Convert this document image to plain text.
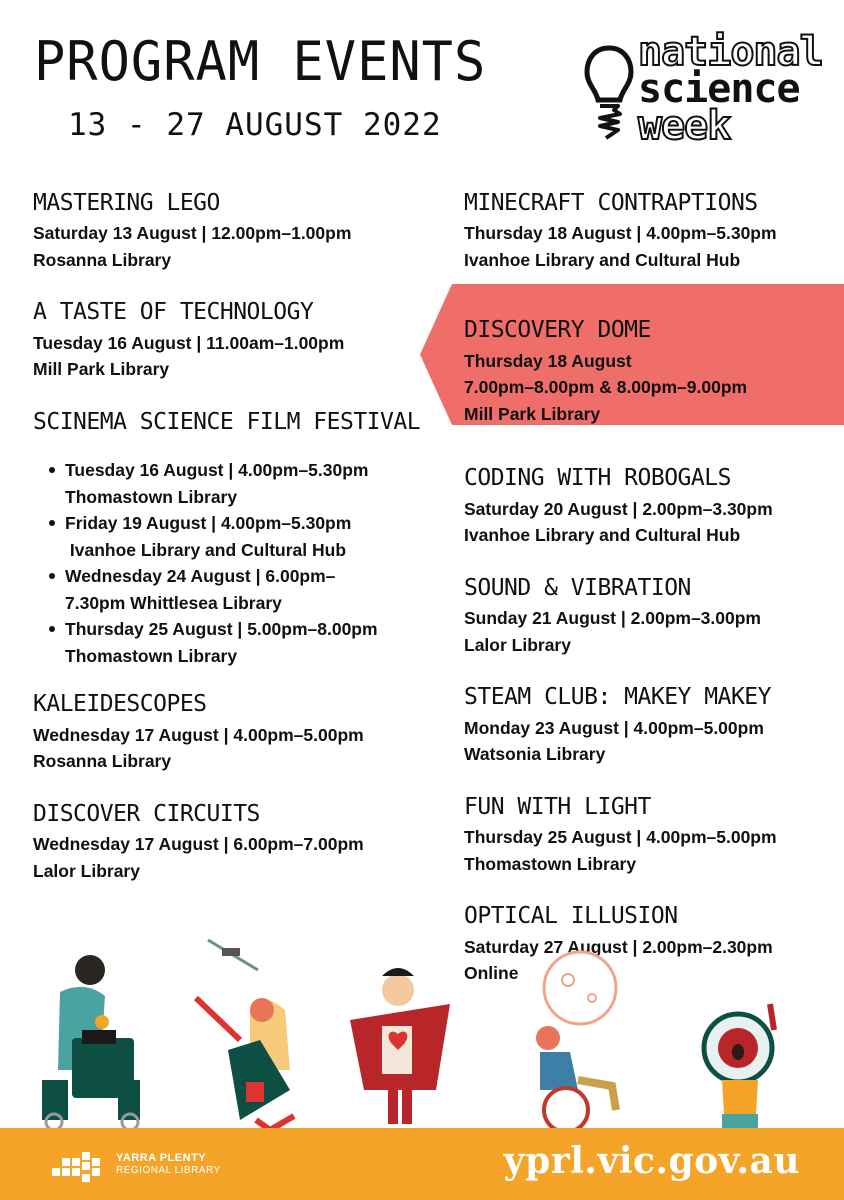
PROGRAM EVENTS
13 - 27 AUGUST 2022
national
science
week
MASTERING LEGO
Saturday 13 August | 12.00pm–1.00pm
Rosanna Library
A TASTE OF TECHNOLOGY
Tuesday 16 August | 11.00am–1.00pm
Mill Park Library
SCINEMA SCIENCE FILM FESTIVAL
Tuesday 16 August | 4.00pm–5.30pm
Thomastown Library
Friday 19 August | 4.00pm–5.30pm
Ivanhoe Library and Cultural Hub
Wednesday 24 August | 6.00pm–
7.30pm Whittlesea Library
Thursday 25 August | 5.00pm–8.00pm
Thomastown Library
KALEIDESCOPES
Wednesday 17 August | 4.00pm–5.00pm
Rosanna Library
DISCOVER CIRCUITS
Wednesday 17 August | 6.00pm–7.00pm
Lalor Library
MINECRAFT CONTRAPTIONS
Thursday 18 August | 4.00pm–5.30pm
Ivanhoe Library and Cultural Hub
DISCOVERY DOME
Thursday 18 August
7.00pm–8.00pm & 8.00pm–9.00pm
Mill Park Library
CODING WITH ROBOGALS
Saturday 20 August | 2.00pm–3.30pm
Ivanhoe Library and Cultural Hub
SOUND & VIBRATION
Sunday 21 August | 2.00pm–3.00pm
Lalor Library
STEAM CLUB: MAKEY MAKEY
Monday 23 August | 4.00pm–5.00pm
Watsonia Library
FUN WITH LIGHT
Thursday 25 August | 4.00pm–5.00pm
Thomastown Library
OPTICAL ILLUSION
Saturday 27 August | 2.00pm–2.30pm
Online
YARRA PLENTY
REGIONAL LIBRARY	yprl.vic.gov.au
